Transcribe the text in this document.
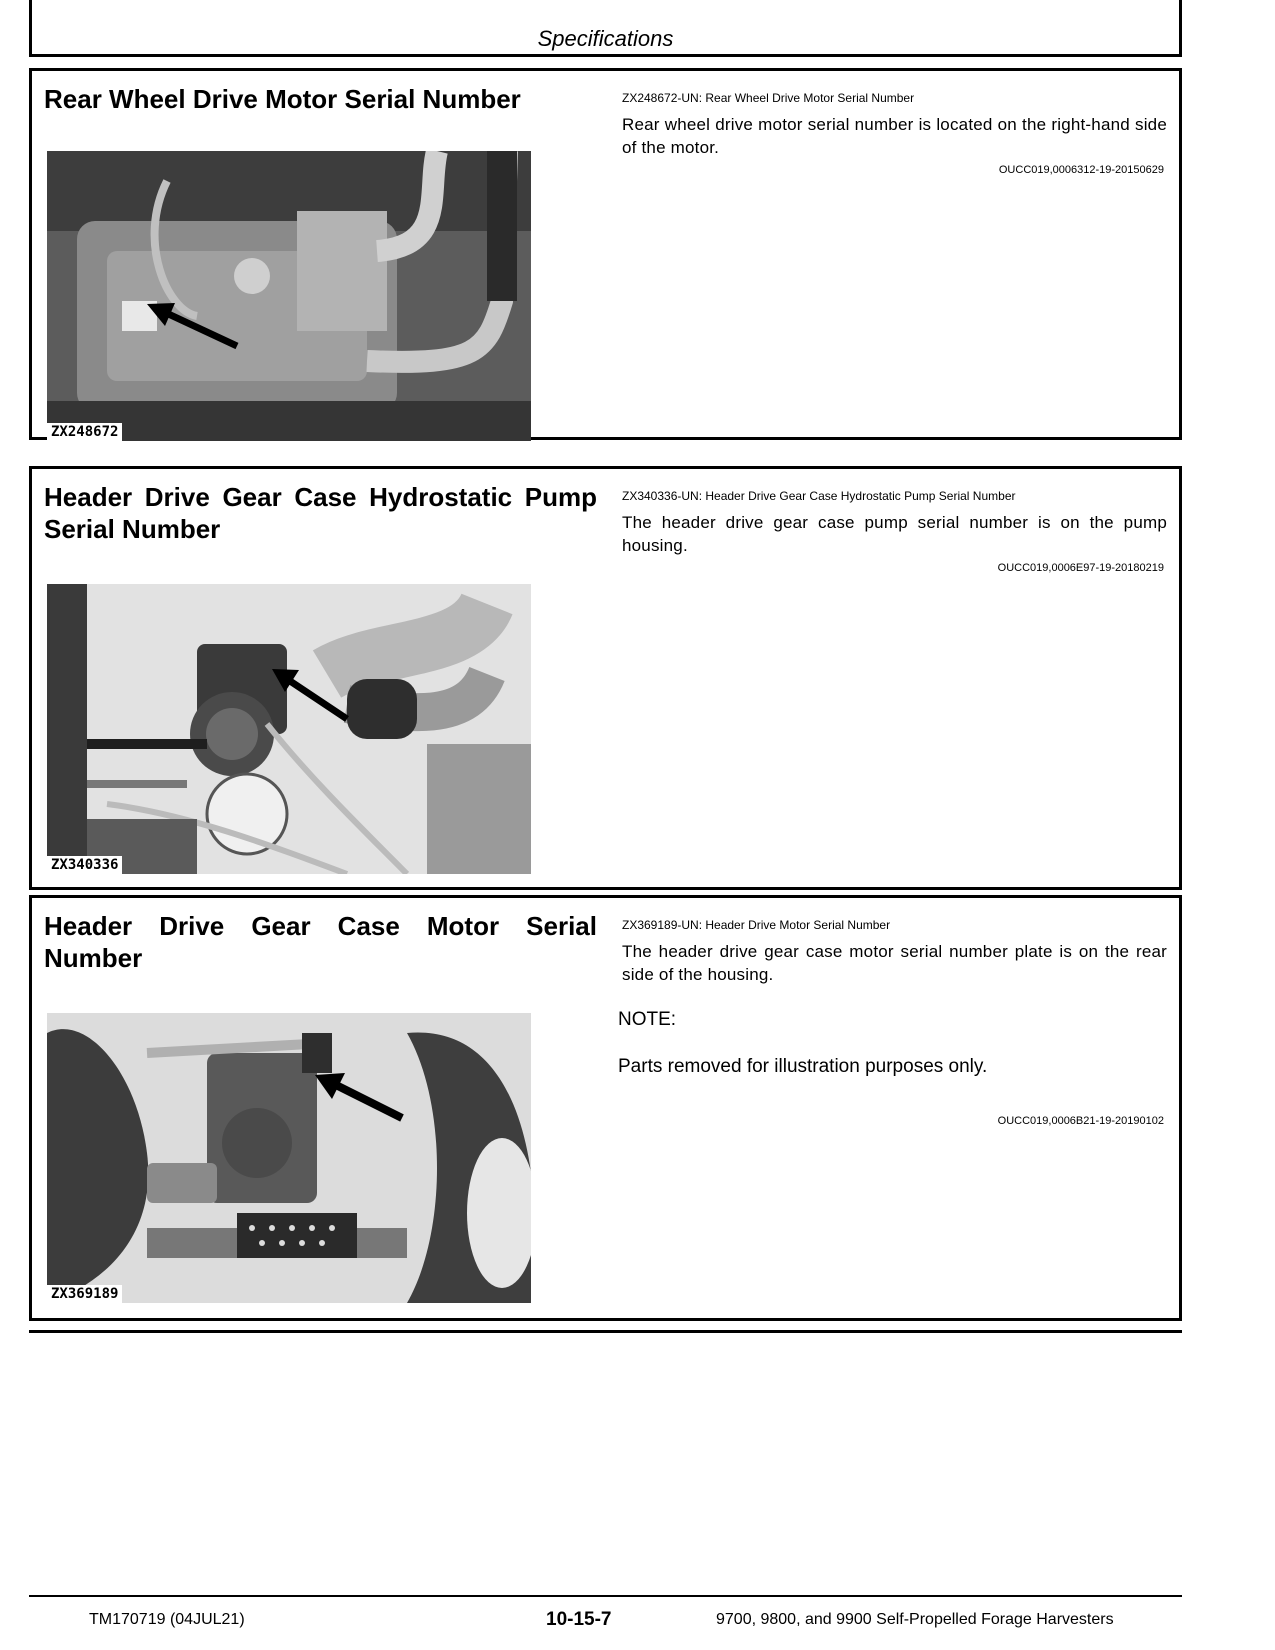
Specifications
Rear Wheel Drive Motor Serial Number
ZX248672
ZX248672-UN: Rear Wheel Drive Motor Serial Number
Rear wheel drive motor serial number is located on the right-hand side of the motor.
OUCC019,0006312-19-20150629
Header Drive Gear Case Hydrostatic Pump Serial Number
ZX340336
ZX340336-UN: Header Drive Gear Case Hydrostatic Pump Serial Number
The header drive gear case pump serial number is on the pump housing.
OUCC019,0006E97-19-20180219
Header Drive Gear Case Motor Serial Number
ZX369189
ZX369189-UN: Header Drive Motor Serial Number
The header drive gear case motor serial number plate is on the rear side of the housing.
NOTE:
Parts removed for illustration purposes only.
OUCC019,0006B21-19-20190102
TM170719 (04JUL21)	10-15-7	9700, 9800, and 9900 Self-Propelled Forage Harvesters
